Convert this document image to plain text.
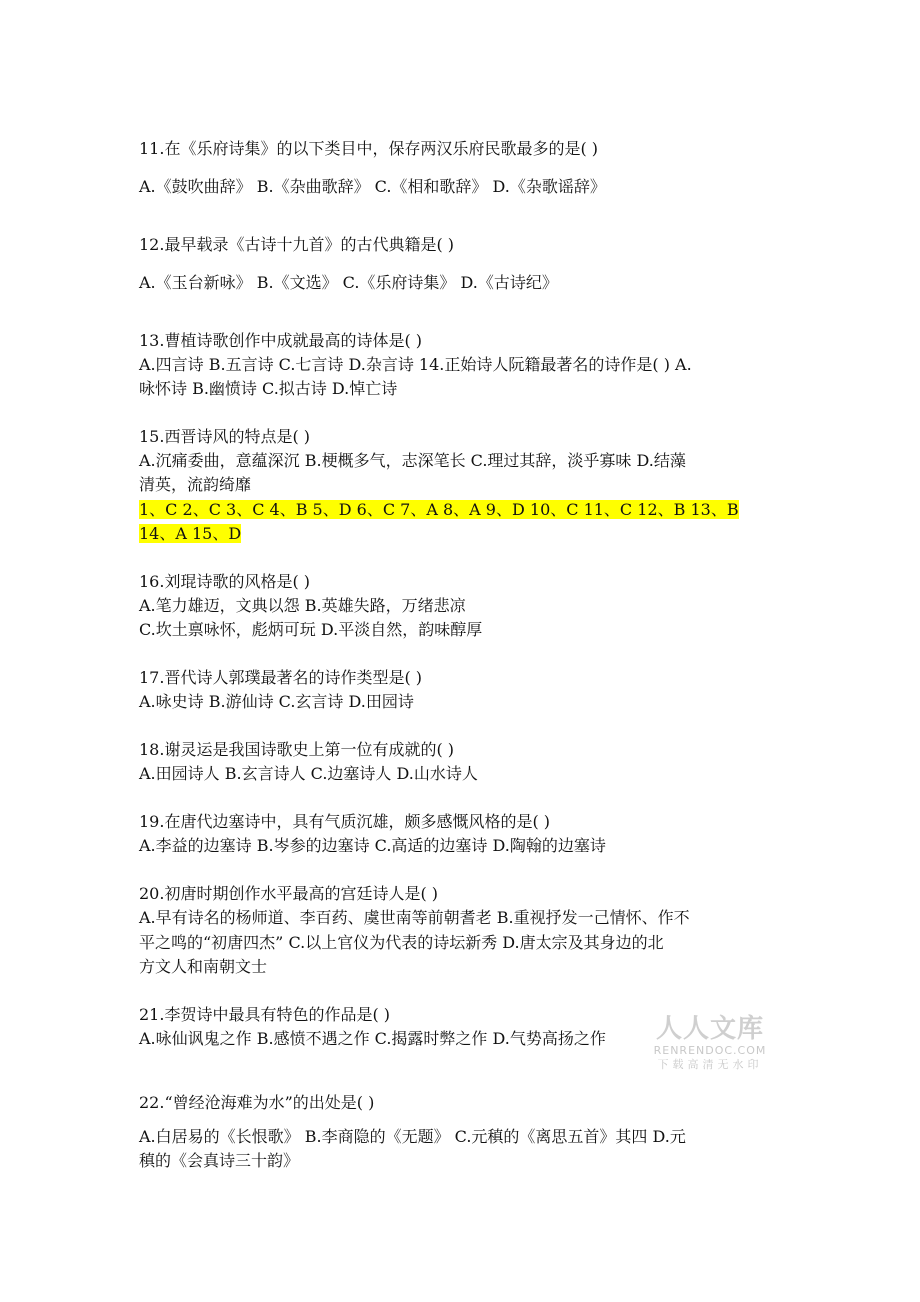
11.在《乐府诗集》的以下类目中，保存两汉乐府民歌最多的是( )
A.《鼓吹曲辞》 B.《杂曲歌辞》 C.《相和歌辞》 D.《杂歌谣辞》
12.最早载录《古诗十九首》的古代典籍是( )
A.《玉台新咏》 B.《文选》 C.《乐府诗集》 D.《古诗纪》
13.曹植诗歌创作中成就最高的诗体是( )
A.四言诗 B.五言诗 C.七言诗 D.杂言诗 14.正始诗人阮籍最著名的诗作是( ) A.
咏怀诗 B.幽愤诗 C.拟古诗 D.悼亡诗
15.西晋诗风的特点是( )
A.沉痛委曲，意蕴深沉 B.梗概多气，志深笔长 C.理过其辞，淡乎寡味 D.结藻
清英，流韵绮靡
1、C 2、C 3、C 4、B 5、D 6、C 7、A 8、A 9、D 10、C 11、C 12、B 13、B
14、A 15、D
16.刘琨诗歌的风格是( )
A.笔力雄迈，文典以怨 B.英雄失路，万绪悲凉
C.坎土禀咏怀，彪炳可玩 D.平淡自然，韵味醇厚
17.晋代诗人郭璞最著名的诗作类型是( )
A.咏史诗 B.游仙诗 C.玄言诗 D.田园诗
18.谢灵运是我国诗歌史上第一位有成就的( )
A.田园诗人 B.玄言诗人 C.边塞诗人 D.山水诗人
19.在唐代边塞诗中，具有气质沉雄，颇多感慨风格的是( )
A.李益的边塞诗 B.岑参的边塞诗 C.高适的边塞诗 D.陶翰的边塞诗
20.初唐时期创作水平最高的宫廷诗人是( )
A.早有诗名的杨师道、李百药、虞世南等前朝耆老 B.重视抒发一己情怀、作不
平之鸣的“初唐四杰” C.以上官仪为代表的诗坛新秀 D.唐太宗及其身边的北
方文人和南朝文士
21.李贺诗中最具有特色的作品是( )
A.咏仙讽鬼之作 B.感愤不遇之作 C.揭露时弊之作 D.气势高扬之作
22.“曾经沧海难为水”的出处是( )
A.白居易的《长恨歌》 B.李商隐的《无题》 C.元稹的《离思五首》其四 D.元
稹的《会真诗三十韵》
人人文库
RENRENDOC.COM
下载高清无水印
